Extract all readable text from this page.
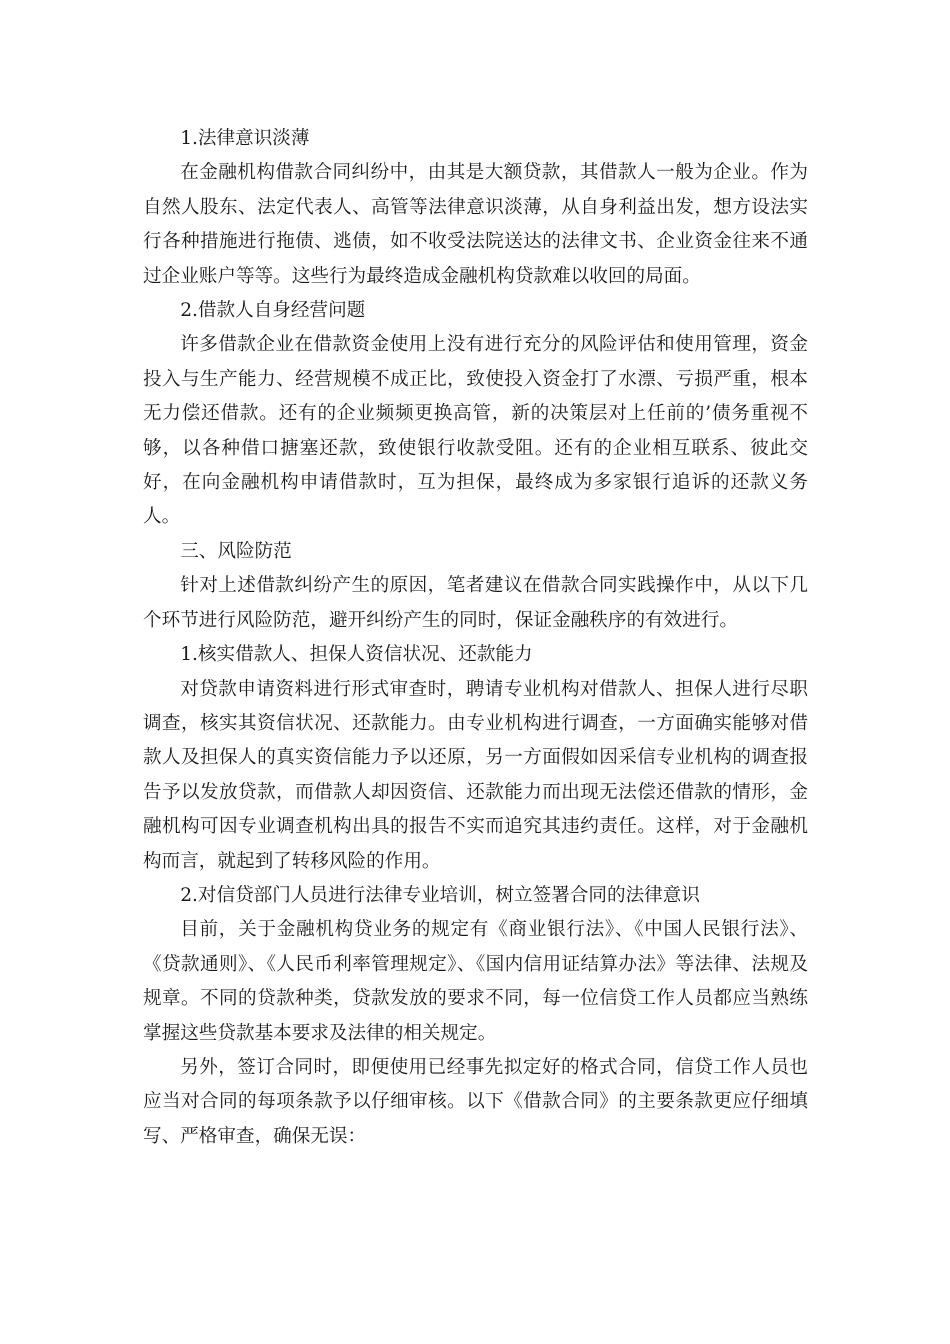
1.法律意识淡薄

在金融机构借款合同纠纷中，由其是大额贷款，其借款人一般为企业。作为自然人股东、法定代表人、高管等法律意识淡薄，从自身利益出发，想方设法实行各种措施进行拖债、逃债，如不收受法院送达的法律文书、企业资金往来不通过企业账户等等。这些行为最终造成金融机构贷款难以收回的局面。

2.借款人自身经营问题

许多借款企业在借款资金使用上没有进行充分的风险评估和使用管理，资金投入与生产能力、经营规模不成正比，致使投入资金打了水漂、亏损严重，根本无力偿还借款。还有的企业频频更换高管，新的决策层对上任前的’债务重视不够，以各种借口搪塞还款，致使银行收款受阻。还有的企业相互联系、彼此交好，在向金融机构申请借款时，互为担保，最终成为多家银行追诉的还款义务人。

三、风险防范

针对上述借款纠纷产生的原因，笔者建议在借款合同实践操作中，从以下几个环节进行风险防范，避开纠纷产生的同时，保证金融秩序的有效进行。

1.核实借款人、担保人资信状况、还款能力

对贷款申请资料进行形式审查时，聘请专业机构对借款人、担保人进行尽职调查，核实其资信状况、还款能力。由专业机构进行调查，一方面确实能够对借款人及担保人的真实资信能力予以还原，另一方面假如因采信专业机构的调查报告予以发放贷款，而借款人却因资信、还款能力而出现无法偿还借款的情形，金融机构可因专业调查机构出具的报告不实而追究其违约责任。这样，对于金融机构而言，就起到了转移风险的作用。

2.对信贷部门人员进行法律专业培训，树立签署合同的法律意识

目前，关于金融机构贷业务的规定有《商业银行法》、《中国人民银行法》、《贷款通则》、《人民币利率管理规定》、《国内信用证结算办法》等法律、法规及规章。不同的贷款种类，贷款发放的要求不同，每一位信贷工作人员都应当熟练掌握这些贷款基本要求及法律的相关规定。

另外，签订合同时，即便使用已经事先拟定好的格式合同，信贷工作人员也应当对合同的每项条款予以仔细审核。以下《借款合同》的主要条款更应仔细填写、严格审查，确保无误：
